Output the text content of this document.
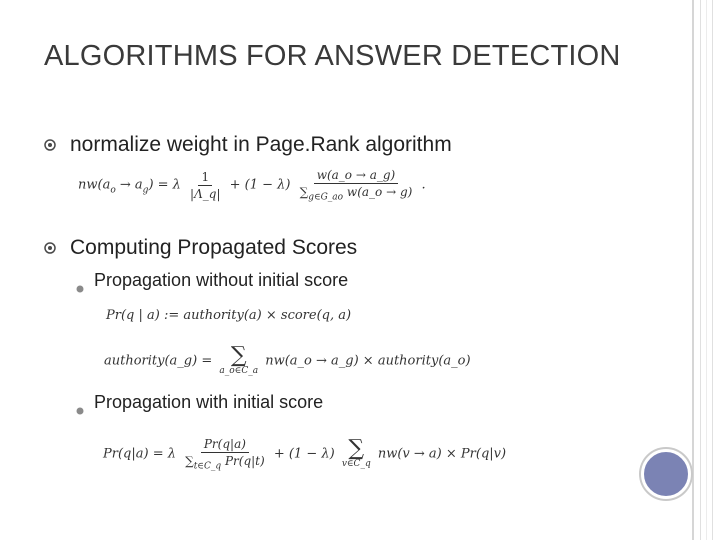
ALGORITHMS FOR ANSWER DETECTION
normalize weight in Page.Rank algorithm
$nw(a_o \to a_g) = \lambda \frac{1}{|\Lambda\_q|} + (1 - \lambda) \frac{w(a\_o \to a\_g)}{\sum_{g\in G\_ao} w(a\_o \to g)}$ .
Computing Propagated Scores
Propagation without initial score
Pr(q | a) := authority(a) × score(q, a)
authority(a_g) = ∑
a_o∈C_a
nw(a_o → a_g) × authority(a_o)
Propagation with initial score
Pr(q|a) = λ $\frac{Pr(q|a)}{\sum_{t\in C\_q} Pr(q|t)} + (1 - \lambda)$ ∑
v∈C_q
nw(v → a) × Pr(q|v)
